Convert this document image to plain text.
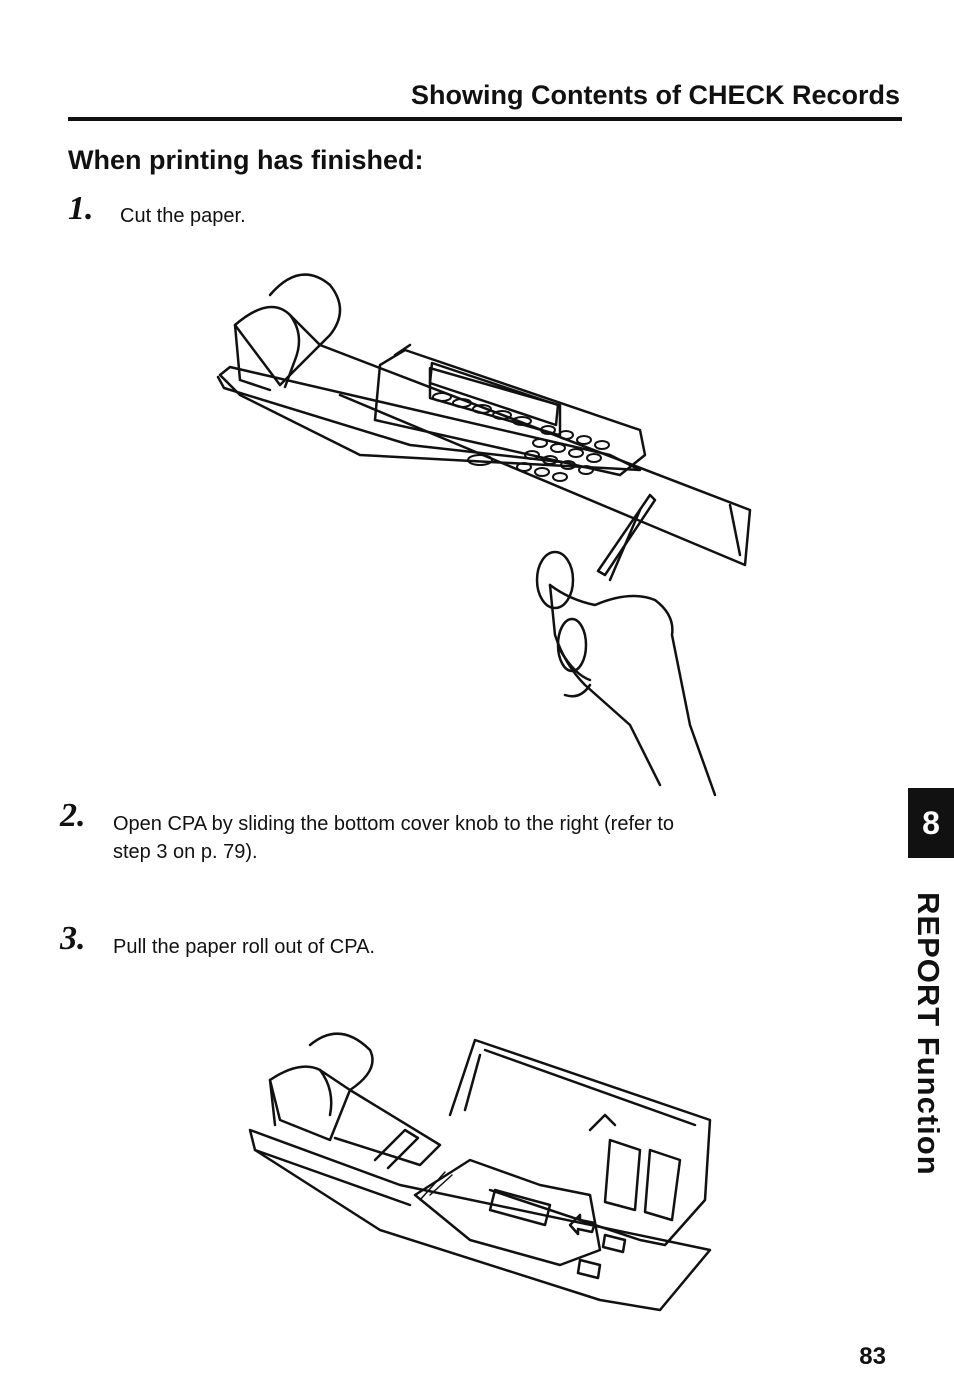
Showing Contents of CHECK Records
When printing has finished:
1. Cut the paper.
2. Open CPA by sliding the bottom cover knob to the right (refer to
step 3 on p. 79).
3. Pull the paper roll out of CPA.
8
REPORT Function
83
